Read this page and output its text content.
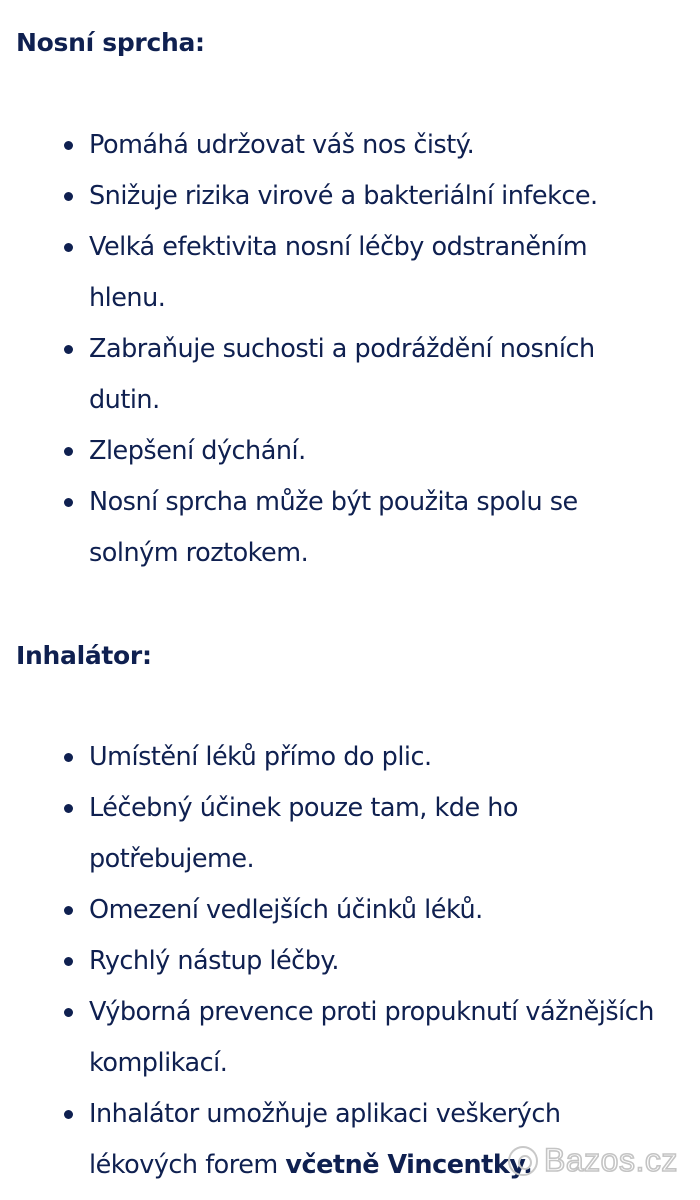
Nosní sprcha:
Pomáhá udržovat váš nos čistý.
Snižuje rizika virové a bakteriální infekce.
Velká efektivita nosní léčby odstraněním hlenu.
Zabraňuje suchosti a podráždění nosních dutin.
Zlepšení dýchání.
Nosní sprcha může být použita spolu se solným roztokem.
Inhalátor:
Umístění léků přímo do plic.
Léčebný účinek pouze tam, kde ho potřebujeme.
Omezení vedlejších účinků léků.
Rychlý nástup léčby.
Výborná prevence proti propuknutí vážnějších komplikací.
Inhalátor umožňuje aplikaci veškerých lékových forem včetně Vincentky. Bazos.cz
